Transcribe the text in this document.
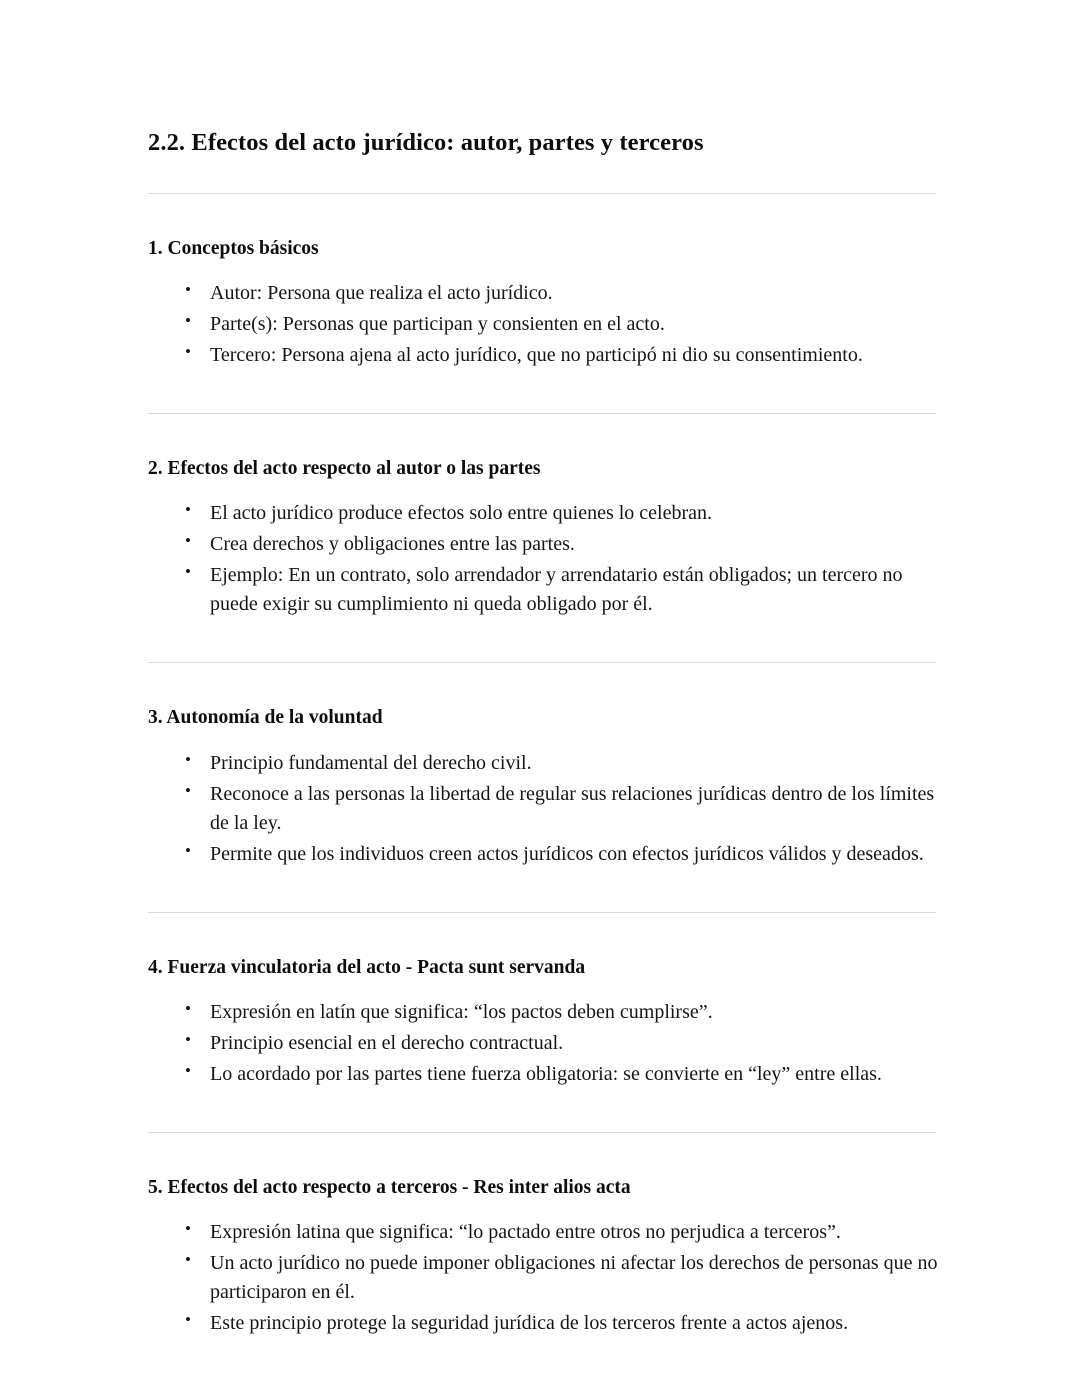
2.2. Efectos del acto jurídico: autor, partes y terceros
1. Conceptos básicos
• Autor: Persona que realiza el acto jurídico.
• Parte(s): Personas que participan y consienten en el acto.
• Tercero: Persona ajena al acto jurídico, que no participó ni dio su consentimiento.
2. Efectos del acto respecto al autor o las partes
• El acto jurídico produce efectos solo entre quienes lo celebran.
• Crea derechos y obligaciones entre las partes.
• Ejemplo: En un contrato, solo arrendador y arrendatario están obligados; un tercero no puede exigir su cumplimiento ni queda obligado por él.
3. Autonomía de la voluntad
• Principio fundamental del derecho civil.
• Reconoce a las personas la libertad de regular sus relaciones jurídicas dentro de los límites de la ley.
• Permite que los individuos creen actos jurídicos con efectos jurídicos válidos y deseados.
4. Fuerza vinculatoria del acto - Pacta sunt servanda
• Expresión en latín que significa: “los pactos deben cumplirse”.
• Principio esencial en el derecho contractual.
• Lo acordado por las partes tiene fuerza obligatoria: se convierte en “ley” entre ellas.
5. Efectos del acto respecto a terceros - Res inter alios acta
• Expresión latina que significa: “lo pactado entre otros no perjudica a terceros”.
• Un acto jurídico no puede imponer obligaciones ni afectar los derechos de personas que no participaron en él.
• Este principio protege la seguridad jurídica de los terceros frente a actos ajenos.
